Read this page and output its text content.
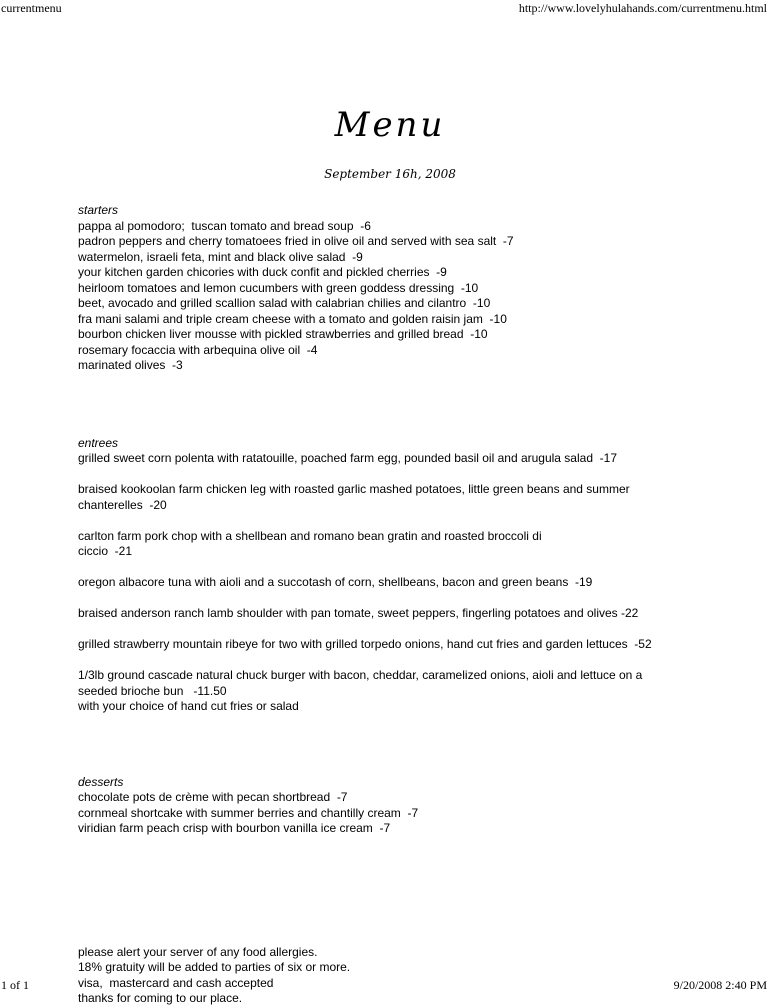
currentmenu	http://www.lovelyhulahands.com/currentmenu.html
Menu
September 16h, 2008
starters
pappa al pomodoro;  tuscan tomato and bread soup  -6
padron peppers and cherry tomatoees fried in olive oil and served with sea salt  -7
watermelon, israeli feta, mint and black olive salad  -9
your kitchen garden chicories with duck confit and pickled cherries  -9
heirloom tomatoes and lemon cucumbers with green goddess dressing  -10
beet, avocado and grilled scallion salad with calabrian chilies and cilantro  -10
fra mani salami and triple cream cheese with a tomato and golden raisin jam  -10
bourbon chicken liver mousse with pickled strawberries and grilled bread  -10
rosemary focaccia with arbequina olive oil  -4
marinated olives  -3
entrees
grilled sweet corn polenta with ratatouille, poached farm egg, pounded basil oil and arugula salad  -17
braised kookoolan farm chicken leg with roasted garlic mashed potatoes, little green beans and summer
chanterelles  -20
carlton farm pork chop with a shellbean and romano bean gratin and roasted broccoli di
ciccio  -21
oregon albacore tuna with aioli and a succotash of corn, shellbeans, bacon and green beans  -19
braised anderson ranch lamb shoulder with pan tomate, sweet peppers, fingerling potatoes and olives -22
grilled strawberry mountain ribeye for two with grilled torpedo onions, hand cut fries and garden lettuces  -52
1/3lb ground cascade natural chuck burger with bacon, cheddar, caramelized onions, aioli and lettuce on a
seeded brioche bun   -11.50
with your choice of hand cut fries or salad
desserts
chocolate pots de crème with pecan shortbread  -7
cornmeal shortcake with summer berries and chantilly cream  -7
viridian farm peach crisp with bourbon vanilla ice cream  -7
please alert your server of any food allergies.
18% gratuity will be added to parties of six or more.
visa,  mastercard and cash accepted
thanks for coming to our place.
1 of 1	9/20/2008 2:40 PM
